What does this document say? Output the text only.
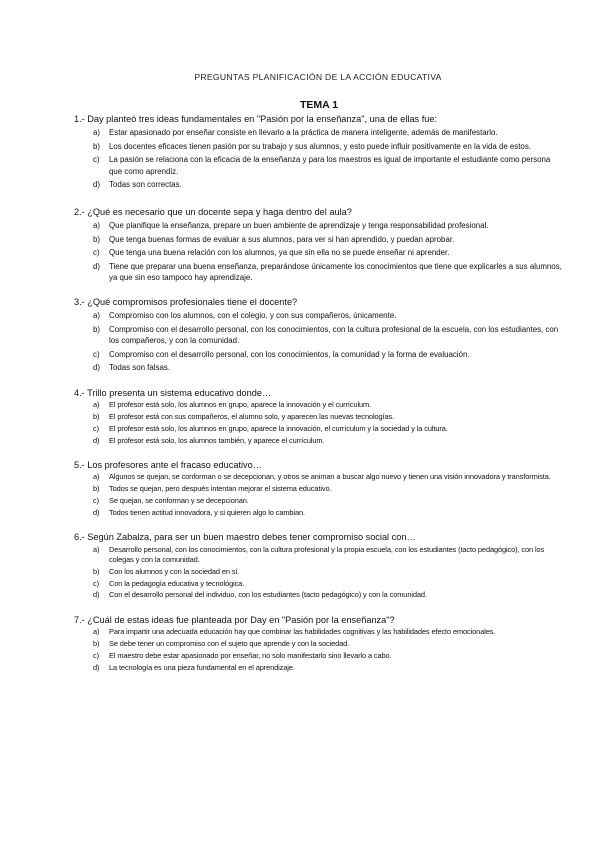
PREGUNTAS PLANIFICACIÓN DE LA ACCIÓN EDUCATIVA
TEMA 1

1.- Day planteó tres ideas fundamentales en "Pasión por la enseñanza", una de ellas fue:

a) Estar apasionado por enseñar consiste en llevarlo a la práctica de manera inteligente, además de manifestarlo.
b) Los docentes eficaces tienen pasión por su trabajo y sus alumnos, y esto puede influir positivamente en la vida de estos.
c) La pasión se relaciona con la eficacia de la enseñanza y para los maestros es igual de importante el estudiante como persona que como aprendiz.
d) Todas son correctas.

2.- ¿Qué es necesario que un docente sepa y haga dentro del aula?

a) Que planifique la enseñanza, prepare un buen ambiente de aprendizaje y tenga responsabilidad profesional.
b) Que tenga buenas formas de evaluar a sus alumnos, para ver si han aprendido, y puedan aprobar.
c) Que tenga una buena relación con los alumnos, ya que sin ella no se puede enseñar ni aprender.
d) Tiene que preparar una buena enseñanza, preparándose únicamente los conocimientos que tiene que explicarles a sus alumnos, ya que sin eso tampoco hay aprendizaje.

3.- ¿Qué compromisos profesionales tiene el docente?

a) Compromiso con los alumnos, con el colegio, y con sus compañeros, únicamente.
b) Compromiso con el desarrollo personal, con los conocimientos, con la cultura profesional de la escuela, con los estudiantes, con los compañeros, y con la comunidad.
c) Compromiso con el desarrollo personal, con los conocimientos, la comunidad y la forma de evaluación.
d) Todas son falsas.

4.- Trillo presenta un sistema educativo donde…

a) El profesor está solo, los alumnos en grupo, aparece la innovación y el currículum.
b) El profesor está con sus compañeros, el alumno solo, y aparecen las nuevas tecnologías.
c) El profesor está solo, los alumnos en grupo, aparece la innovación, el currículum y la sociedad y la cultura.
d) El profesor está solo, los alumnos también, y aparece el currículum.

5.- Los profesores ante el fracaso educativo…

a) Algunos se quejan, se conforman o se decepcionan, y otros se animan a buscar algo nuevo y tienen una visión innovadora y transformista.
b) Todos se quejan, pero después intentan mejorar el sistema educativo.
c) Se quejan, se conforman y se decepcionan.
d) Todos tienen actitud innovadora, y si quieren algo lo cambian.

6.- Según Zabalza, para ser un buen maestro debes tener compromiso social con…

a) Desarrollo personal, con los conocimientos, con la cultura profesional y la propia escuela, con los estudiantes (tacto pedagógico), con los colegas y con la comunidad.
b) Con los alumnos y con la sociedad en sí.
c) Con la pedagogía educativa y tecnológica.
d) Con el desarrollo personal del individuo, con los estudiantes (tacto pedagógico) y con la comunidad.

7.- ¿Cuál de estas ideas fue planteada por Day en "Pasión por la enseñanza"?

a) Para impartir una adecuada educación hay que combinar las habilidades cognitivas y las habilidades efecto emocionales.
b) Se debe tener un compromiso con el sujeto que aprende y con la sociedad.
c) El maestro debe estar apasionado por enseñar, no solo manifestarlo sino llevarlo a cabo.
d) La tecnología es una pieza fundamental en el aprendizaje.
